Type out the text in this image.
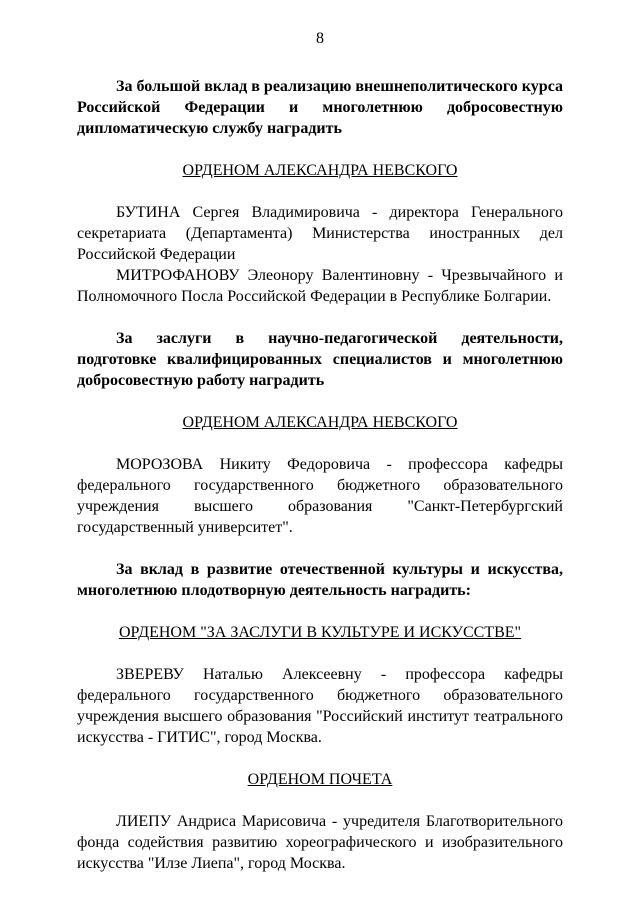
8

За большой вклад в реализацию внешнеполитического курса Российской Федерации и многолетнюю добросовестную дипломатическую службу наградить

ОРДЕНОМ АЛЕКСАНДРА НЕВСКОГО

БУТИНА Сергея Владимировича - директора Генерального секретариата (Департамента) Министерства иностранных дел Российской Федерации

МИТРОФАНОВУ Элеонору Валентиновну - Чрезвычайного и Полномочного Посла Российской Федерации в Республике Болгарии.

За заслуги в научно-педагогической деятельности, подготовке квалифицированных специалистов и многолетнюю добросовестную работу наградить

ОРДЕНОМ АЛЕКСАНДРА НЕВСКОГО

МОРОЗОВА Никиту Федоровича - профессора кафедры федерального государственного бюджетного образовательного учреждения высшего образования "Санкт-Петербургский государственный университет".

За вклад в развитие отечественной культуры и искусства, многолетнюю плодотворную деятельность наградить:

ОРДЕНОМ "ЗА ЗАСЛУГИ В КУЛЬТУРЕ И ИСКУССТВЕ"

ЗВЕРЕВУ Наталью Алексеевну - профессора кафедры федерального государственного бюджетного образовательного учреждения высшего образования "Российский институт театрального искусства - ГИТИС", город Москва.

ОРДЕНОМ ПОЧЕТА

ЛИЕПУ Андриса Марисовича - учредителя Благотворительного фонда содействия развитию хореографического и изобразительного искусства "Илзе Лиепа", город Москва.
